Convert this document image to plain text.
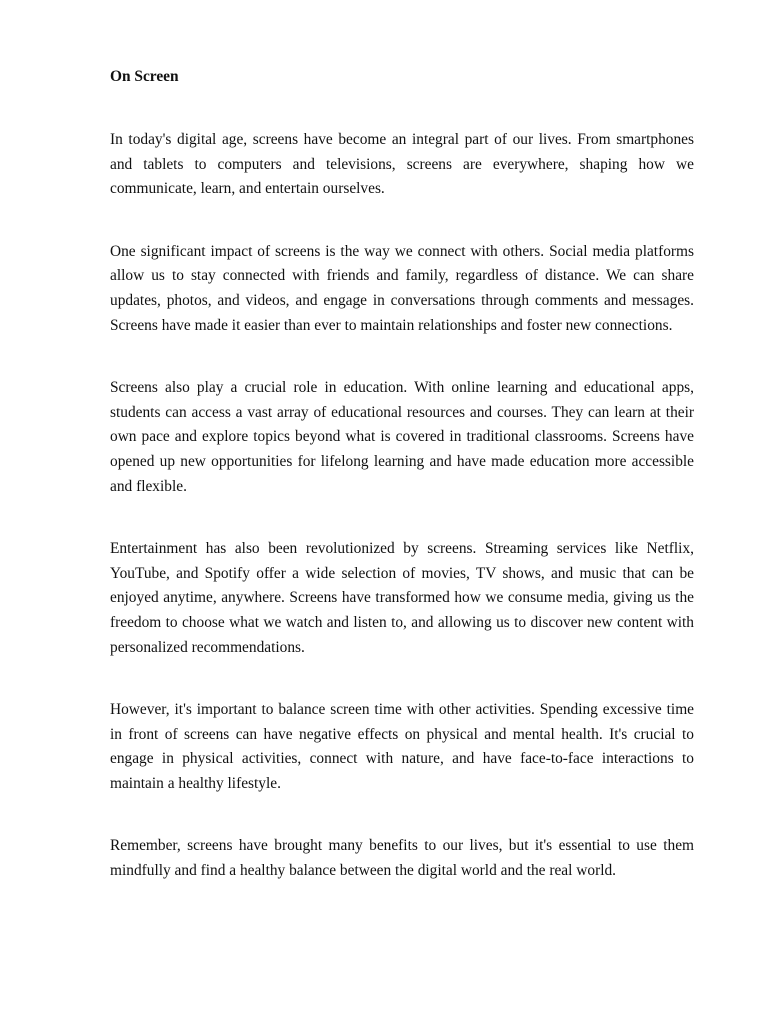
On Screen

In today's digital age, screens have become an integral part of our lives. From smartphones and tablets to computers and televisions, screens are everywhere, shaping how we communicate, learn, and entertain ourselves.

One significant impact of screens is the way we connect with others. Social media platforms allow us to stay connected with friends and family, regardless of distance. We can share updates, photos, and videos, and engage in conversations through comments and messages. Screens have made it easier than ever to maintain relationships and foster new connections.

Screens also play a crucial role in education. With online learning and educational apps, students can access a vast array of educational resources and courses. They can learn at their own pace and explore topics beyond what is covered in traditional classrooms. Screens have opened up new opportunities for lifelong learning and have made education more accessible and flexible.

Entertainment has also been revolutionized by screens. Streaming services like Netflix, YouTube, and Spotify offer a wide selection of movies, TV shows, and music that can be enjoyed anytime, anywhere. Screens have transformed how we consume media, giving us the freedom to choose what we watch and listen to, and allowing us to discover new content with personalized recommendations.

However, it's important to balance screen time with other activities. Spending excessive time in front of screens can have negative effects on physical and mental health. It's crucial to engage in physical activities, connect with nature, and have face-to-face interactions to maintain a healthy lifestyle.

Remember, screens have brought many benefits to our lives, but it's essential to use them mindfully and find a healthy balance between the digital world and the real world.
